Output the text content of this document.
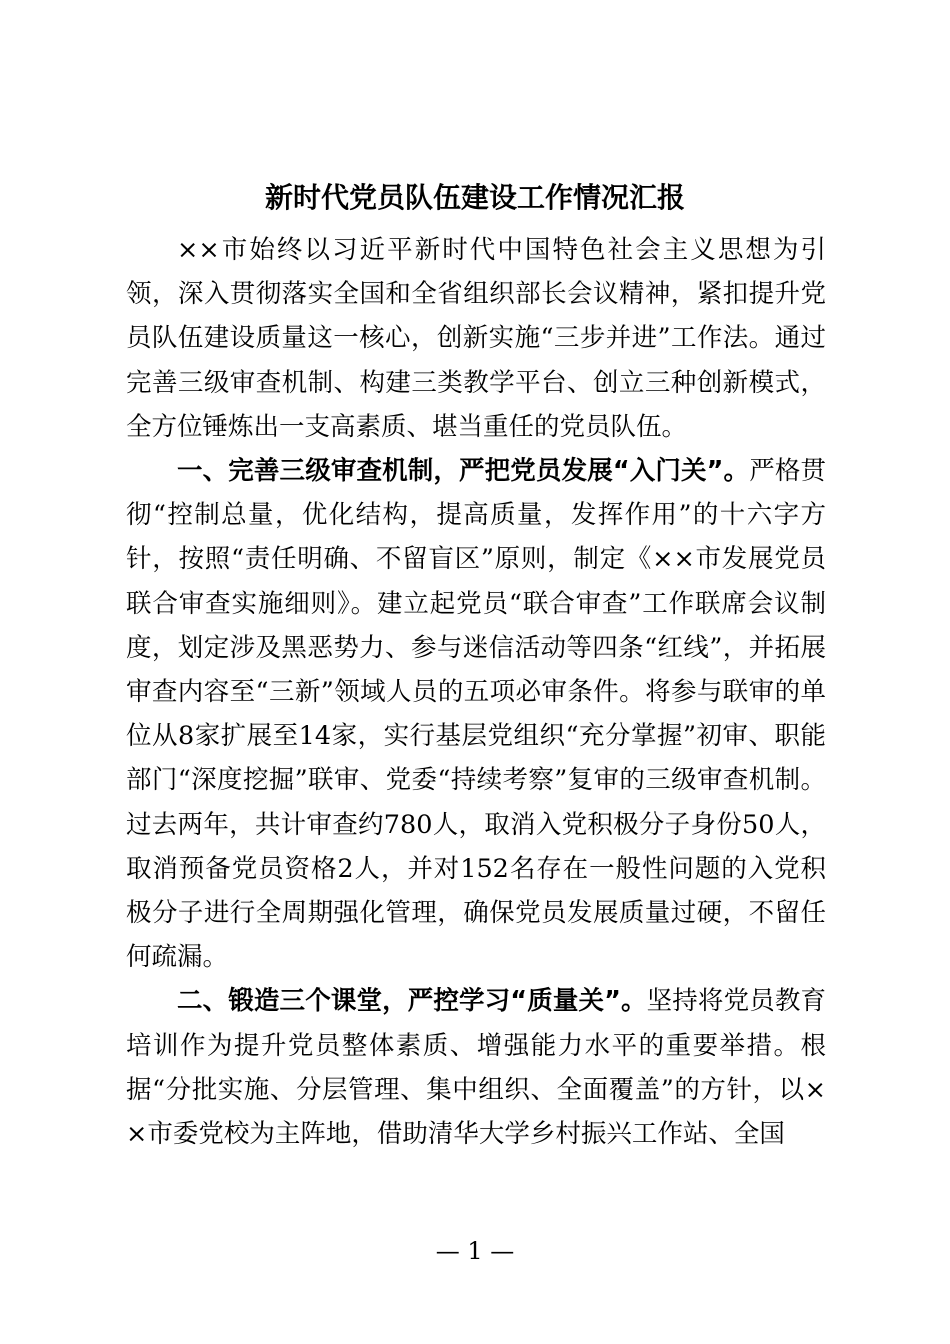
新时代党员队伍建设工作情况汇报

××市始终以习近平新时代中国特色社会主义思想为引领，深入贯彻落实全国和全省组织部长会议精神，紧扣提升党员队伍建设质量这一核心，创新实施“三步并进”工作法。通过完善三级审查机制、构建三类教学平台、创立三种创新模式，全方位锤炼出一支高素质、堪当重任的党员队伍。

一、完善三级审查机制，严把党员发展“入门关”。严格贯彻“控制总量，优化结构，提高质量，发挥作用”的十六字方针，按照“责任明确、不留盲区”原则，制定《××市发展党员联合审查实施细则》。建立起党员“联合审查”工作联席会议制度，划定涉及黑恶势力、参与迷信活动等四条“红线”，并拓展审查内容至“三新”领域人员的五项必审条件。将参与联审的单位从8家扩展至14家，实行基层党组织“充分掌握”初审、职能部门“深度挖掘”联审、党委“持续考察”复审的三级审查机制。过去两年，共计审查约780人，取消入党积极分子身份50人，取消预备党员资格2人，并对152名存在一般性问题的入党积极分子进行全周期强化管理，确保党员发展质量过硬，不留任何疏漏。

二、锻造三个课堂，严控学习“质量关”。坚持将党员教育培训作为提升党员整体素质、增强能力水平的重要举措。根据“分批实施、分层管理、集中组织、全面覆盖”的方针，以××市委党校为主阵地，借助清华大学乡村振兴工作站、全国

— 1 —
